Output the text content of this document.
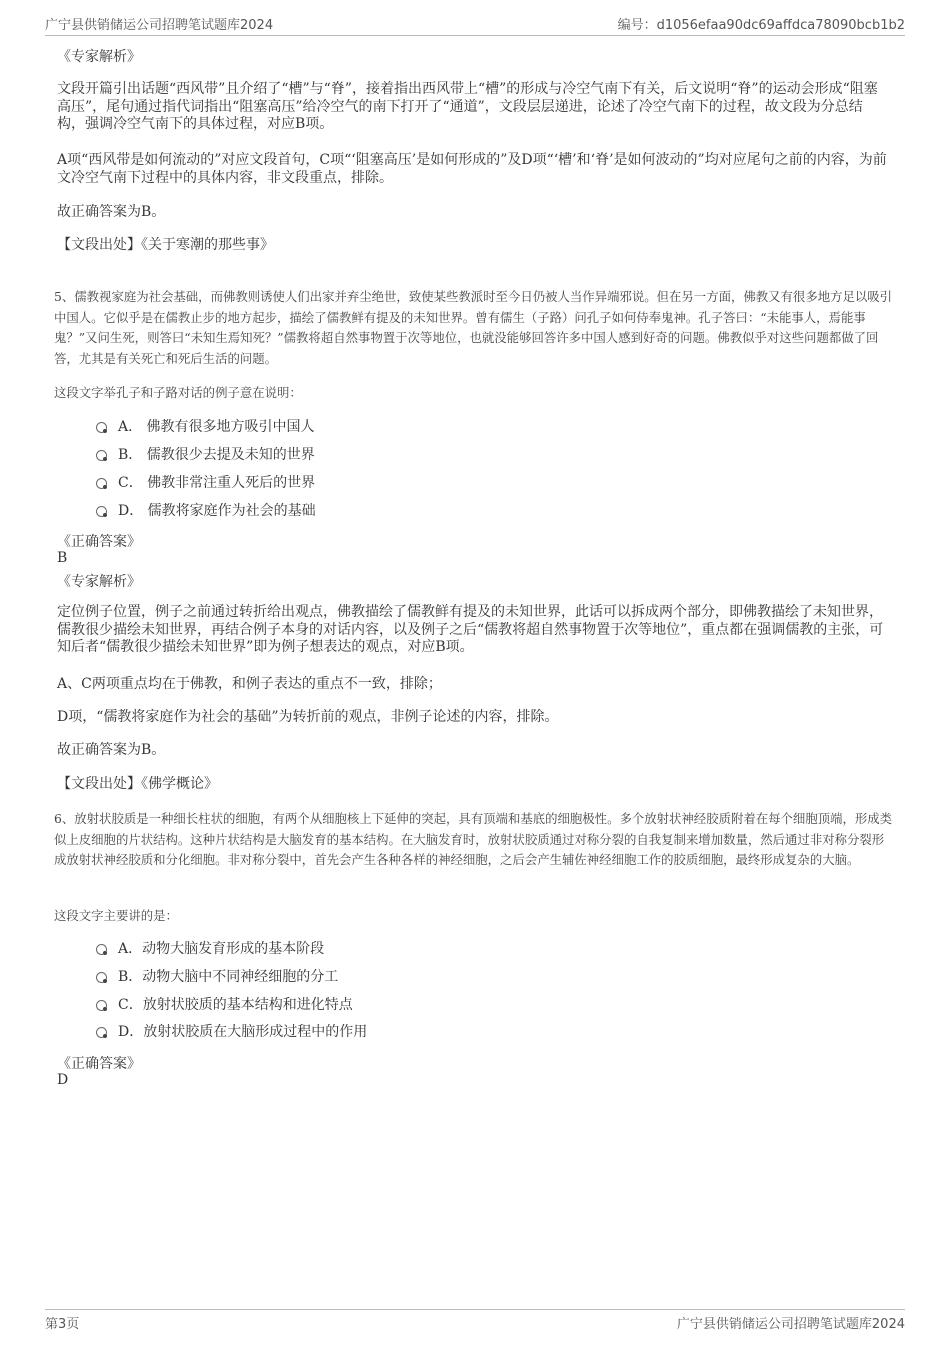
广宁县供销储运公司招聘笔试题库2024	编号：d1056efaa90dc69affdca78090bcb1b2

《专家解析》

文段开篇引出话题“西风带”且介绍了“槽”与“脊”，接着指出西风带上“槽”的形成与冷空气南下有关，后文说明“脊”的运动会形成“阻塞高压”，尾句通过指代词指出“阻塞高压”给冷空气的南下打开了“通道”，文段层层递进，论述了冷空气南下的过程，故文段为分总结构，强调冷空气南下的具体过程，对应B项。

A项“西风带是如何流动的”对应文段首句，C项“‘阻塞高压’是如何形成的”及D项“‘槽’和‘脊’是如何波动的”均对应尾句之前的内容，为前文冷空气南下过程中的具体内容，非文段重点，排除。

故正确答案为B。

【文段出处】《关于寒潮的那些事》

5、儒教视家庭为社会基础，而佛教则诱使人们出家并弃尘绝世，致使某些教派时至今日仍被人当作异端邪说。但在另一方面，佛教又有很多地方足以吸引中国人。它似乎是在儒教止步的地方起步，描绘了儒教鲜有提及的未知世界。曾有儒生（子路）问孔子如何侍奉鬼神。孔子答曰：“未能事人，焉能事鬼？”又问生死，则答曰“未知生焉知死？”儒教将超自然事物置于次等地位，也就没能够回答许多中国人感到好奇的问题。佛教似乎对这些问题都做了回答，尤其是有关死亡和死后生活的问题。

这段文字举孔子和子路对话的例子意在说明：

A． 佛教有很多地方吸引中国人
B． 儒教很少去提及未知的世界
C． 佛教非常注重人死后的世界
D． 儒教将家庭作为社会的基础

《正确答案》

B

《专家解析》

定位例子位置，例子之前通过转折给出观点，佛教描绘了儒教鲜有提及的未知世界，此话可以拆成两个部分，即佛教描绘了未知世界，儒教很少描绘未知世界，再结合例子本身的对话内容，以及例子之后“儒教将超自然事物置于次等地位”，重点都在强调儒教的主张，可知后者“儒教很少描绘未知世界”即为例子想表达的观点，对应B项。

A、C两项重点均在于佛教，和例子表达的重点不一致，排除；

D项，“儒教将家庭作为社会的基础”为转折前的观点，非例子论述的内容，排除。

故正确答案为B。

【文段出处】《佛学概论》

6、放射状胶质是一种细长柱状的细胞，有两个从细胞核上下延伸的突起，具有顶端和基底的细胞极性。多个放射状神经胶质附着在每个细胞顶端，形成类似上皮细胞的片状结构。这种片状结构是大脑发育的基本结构。在大脑发育时，放射状胶质通过对称分裂的自我复制来增加数量，然后通过非对称分裂形成放射状神经胶质和分化细胞。非对称分裂中，首先会产生各种各样的神经细胞，之后会产生辅佐神经细胞工作的胶质细胞，最终形成复杂的大脑。

这段文字主要讲的是：

A．动物大脑发育形成的基本阶段
B．动物大脑中不同神经细胞的分工
C．放射状胶质的基本结构和进化特点
D．放射状胶质在大脑形成过程中的作用

《正确答案》

D

第3页	广宁县供销储运公司招聘笔试题库2024
